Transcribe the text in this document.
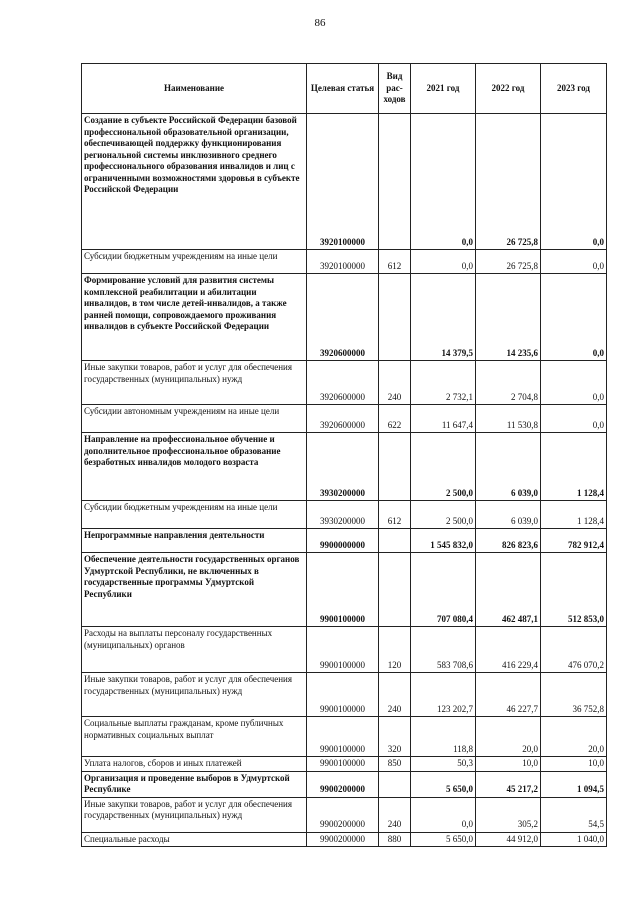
86
Наименование	Целевая статья	Вид рас-ходов	2021 год	2022 год	2023 год
Создание в субъекте Российской Федерации базовой профессиональной образовательной организации, обеспечивающей поддержку функционирования региональной системы инклюзивного среднего профессионального образования инвалидов и лиц с ограниченными возможностями здоровья в субъекте Российской Федерации	3920100000		0,0	26 725,8	0,0
Субсидии бюджетным учреждениям на иные цели	3920100000	612	0,0	26 725,8	0,0
Формирование условий для развития системы комплексной реабилитации и абилитации инвалидов, в том числе детей-инвалидов, а также ранней помощи, сопровождаемого проживания инвалидов в субъекте Российской Федерации	3920600000		14 379,5	14 235,6	0,0
Иные закупки товаров, работ и услуг для обеспечения государственных (муниципальных) нужд	3920600000	240	2 732,1	2 704,8	0,0
Субсидии автономным учреждениям на иные цели	3920600000	622	11 647,4	11 530,8	0,0
Направление на профессиональное обучение и дополнительное профессиональное образование безработных инвалидов молодого возраста	3930200000		2 500,0	6 039,0	1 128,4
Субсидии бюджетным учреждениям на иные цели	3930200000	612	2 500,0	6 039,0	1 128,4
Непрограммные направления деятельности	9900000000		1 545 832,0	826 823,6	782 912,4
Обеспечение деятельности государственных органов Удмуртской Республики, не включенных в государственные программы Удмуртской Республики	9900100000		707 080,4	462 487,1	512 853,0
Расходы на выплаты персоналу государственных (муниципальных) органов	9900100000	120	583 708,6	416 229,4	476 070,2
Иные закупки товаров, работ и услуг для обеспечения государственных (муниципальных) нужд	9900100000	240	123 202,7	46 227,7	36 752,8
Социальные выплаты гражданам, кроме публичных нормативных социальных выплат	9900100000	320	118,8	20,0	20,0
Уплата налогов, сборов и иных платежей	9900100000	850	50,3	10,0	10,0
Организация и проведение выборов в Удмуртской Республике	9900200000		5 650,0	45 217,2	1 094,5
Иные закупки товаров, работ и услуг для обеспечения государственных (муниципальных) нужд	9900200000	240	0,0	305,2	54,5
Специальные расходы	9900200000	880	5 650,0	44 912,0	1 040,0
